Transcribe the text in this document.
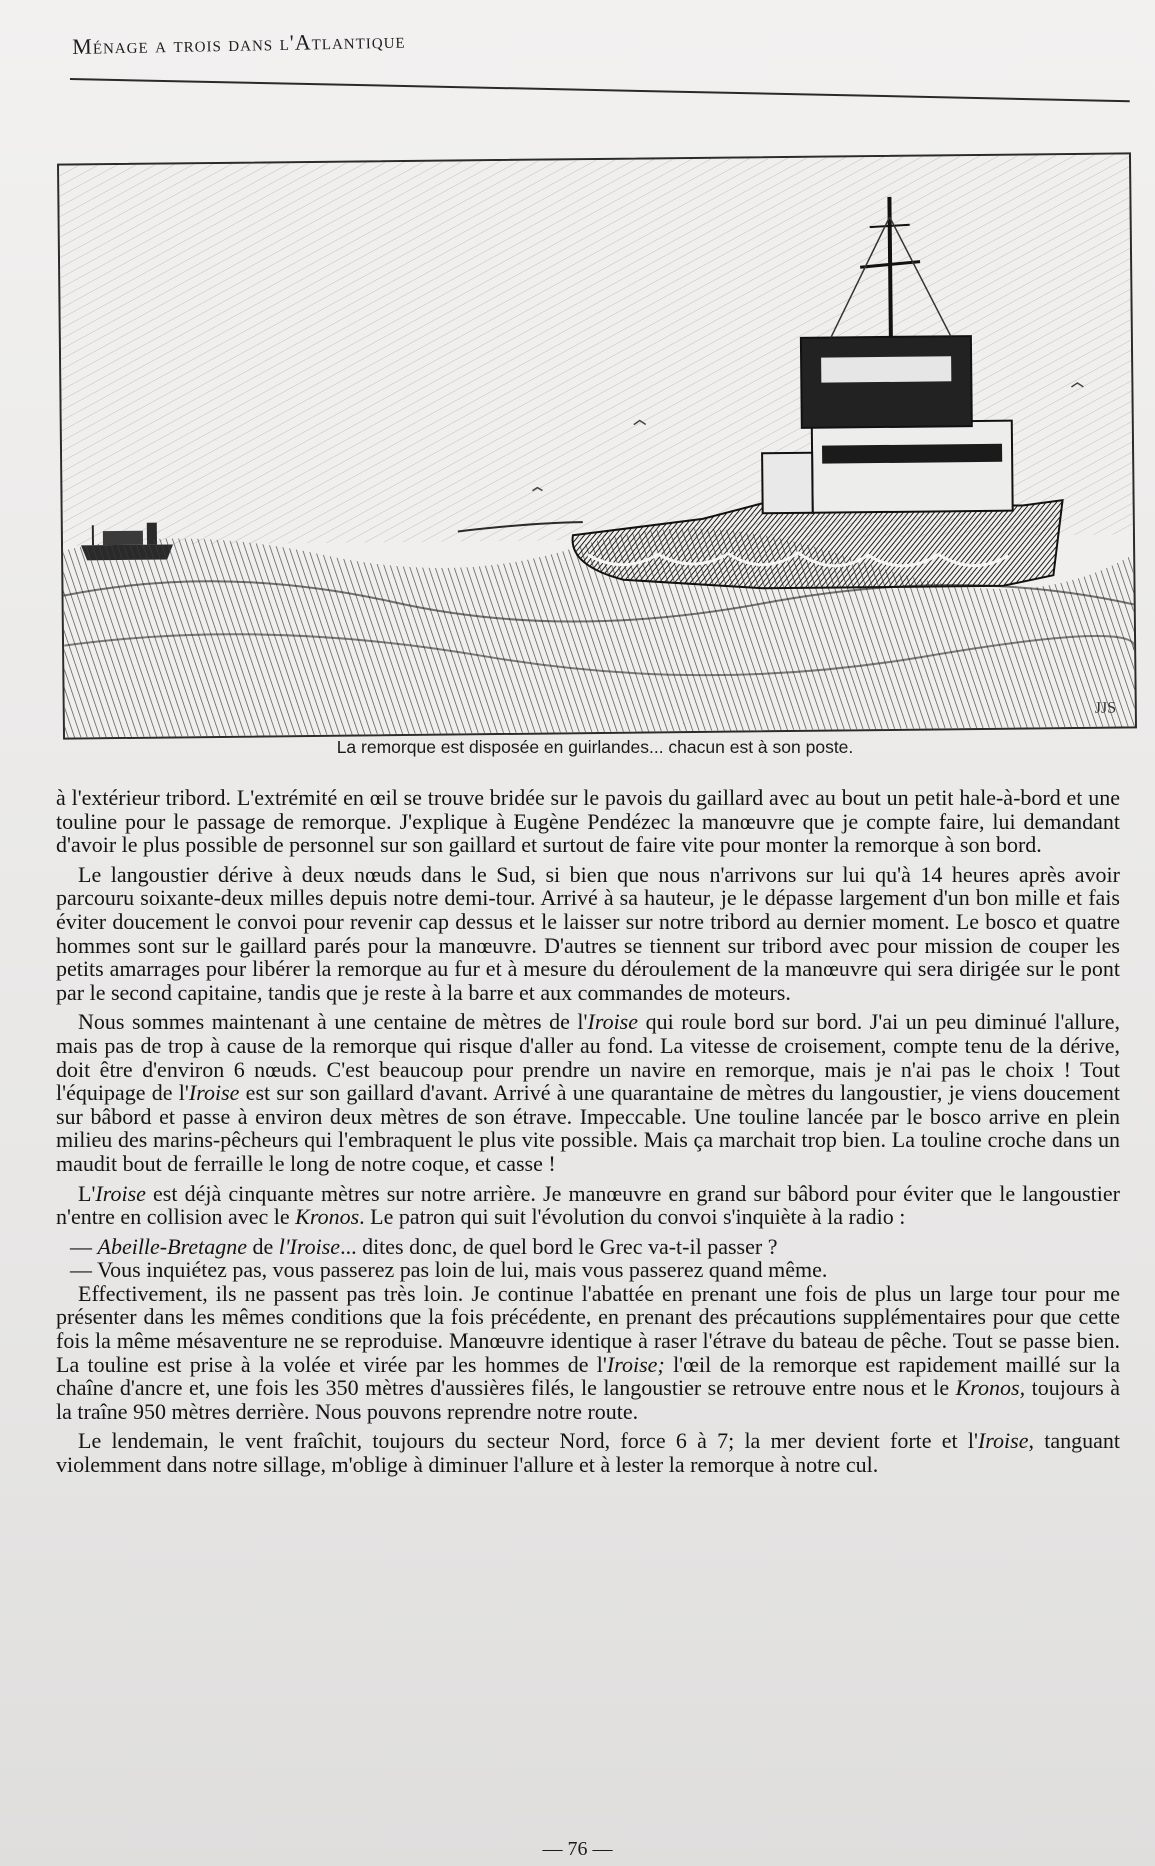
Ménage a trois dans l'Atlantique
JJS
La remorque est disposée en guirlandes... chacun est à son poste.

à l'extérieur tribord. L'extrémité en œil se trouve bridée sur le pavois du gaillard avec au bout un petit hale-à-bord et une touline pour le passage de remorque. J'explique à Eugène Pendézec la manœuvre que je compte faire, lui demandant d'avoir le plus possible de personnel sur son gaillard et surtout de faire vite pour monter la remorque à son bord.

Le langoustier dérive à deux nœuds dans le Sud, si bien que nous n'arrivons sur lui qu'à 14 heures après avoir parcouru soixante-deux milles depuis notre demi-tour. Arrivé à sa hauteur, je le dépasse largement d'un bon mille et fais éviter doucement le convoi pour revenir cap dessus et le laisser sur notre tribord au dernier moment. Le bosco et quatre hommes sont sur le gaillard parés pour la manœuvre. D'autres se tiennent sur tribord avec pour mission de couper les petits amarrages pour libérer la remorque au fur et à mesure du déroulement de la manœuvre qui sera dirigée sur le pont par le second capitaine, tandis que je reste à la barre et aux commandes de moteurs.

Nous sommes maintenant à une centaine de mètres de l'Iroise qui roule bord sur bord. J'ai un peu diminué l'allure, mais pas de trop à cause de la remorque qui risque d'aller au fond. La vitesse de croisement, compte tenu de la dérive, doit être d'environ 6 nœuds. C'est beaucoup pour prendre un navire en remorque, mais je n'ai pas le choix ! Tout l'équipage de l'Iroise est sur son gaillard d'avant. Arrivé à une quarantaine de mètres du langoustier, je viens doucement sur bâbord et passe à environ deux mètres de son étrave. Impeccable. Une touline lancée par le bosco arrive en plein milieu des marins-pêcheurs qui l'embraquent le plus vite possible. Mais ça marchait trop bien. La touline croche dans un maudit bout de ferraille le long de notre coque, et casse !

L'Iroise est déjà cinquante mètres sur notre arrière. Je manœuvre en grand sur bâbord pour éviter que le langoustier n'entre en collision avec le Kronos. Le patron qui suit l'évolution du convoi s'inquiète à la radio :

— Abeille-Bretagne de l'Iroise... dites donc, de quel bord le Grec va-t-il passer ?

— Vous inquiétez pas, vous passerez pas loin de lui, mais vous passerez quand même.

Effectivement, ils ne passent pas très loin. Je continue l'abattée en prenant une fois de plus un large tour pour me présenter dans les mêmes conditions que la fois précédente, en prenant des précautions supplémentaires pour que cette fois la même mésaventure ne se reproduise. Manœuvre identique à raser l'étrave du bateau de pêche. Tout se passe bien. La touline est prise à la volée et virée par les hommes de l'Iroise; l'œil de la remorque est rapidement maillé sur la chaîne d'ancre et, une fois les 350 mètres d'aussières filés, le langoustier se retrouve entre nous et le Kronos, toujours à la traîne 950 mètres derrière. Nous pouvons reprendre notre route.

Le lendemain, le vent fraîchit, toujours du secteur Nord, force 6 à 7; la mer devient forte et l'Iroise, tanguant violemment dans notre sillage, m'oblige à diminuer l'allure et à lester la remorque à notre cul.

— 76 —
